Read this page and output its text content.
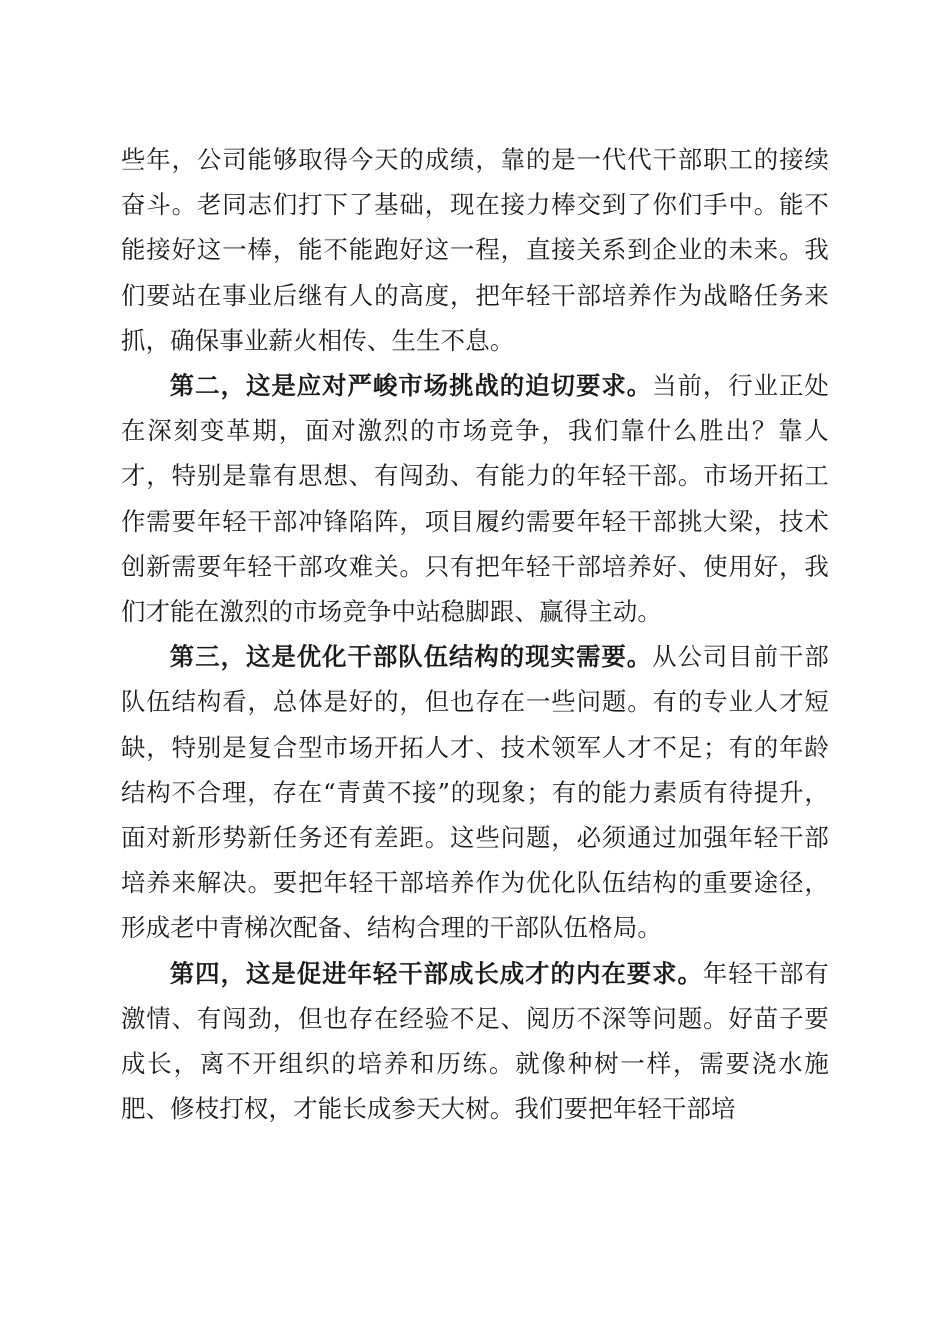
些年，公司能够取得今天的成绩，靠的是一代代干部职工的接续奋斗。老同志们打下了基础，现在接力棒交到了你们手中。能不能接好这一棒，能不能跑好这一程，直接关系到企业的未来。我们要站在事业后继有人的高度，把年轻干部培养作为战略任务来抓，确保事业薪火相传、生生不息。

第二，这是应对严峻市场挑战的迫切要求。当前，行业正处在深刻变革期，面对激烈的市场竞争，我们靠什么胜出？靠人才，特别是靠有思想、有闯劲、有能力的年轻干部。市场开拓工作需要年轻干部冲锋陷阵，项目履约需要年轻干部挑大梁，技术创新需要年轻干部攻难关。只有把年轻干部培养好、使用好，我们才能在激烈的市场竞争中站稳脚跟、赢得主动。

第三，这是优化干部队伍结构的现实需要。从公司目前干部队伍结构看，总体是好的，但也存在一些问题。有的专业人才短缺，特别是复合型市场开拓人才、技术领军人才不足；有的年龄结构不合理，存在“青黄不接”的现象；有的能力素质有待提升，面对新形势新任务还有差距。这些问题，必须通过加强年轻干部培养来解决。要把年轻干部培养作为优化队伍结构的重要途径，形成老中青梯次配备、结构合理的干部队伍格局。

第四，这是促进年轻干部成长成才的内在要求。年轻干部有激情、有闯劲，但也存在经验不足、阅历不深等问题。好苗子要成长，离不开组织的培养和历练。就像种树一样，需要浇水施肥、修枝打杈，才能长成参天大树。我们要把年轻干部培
